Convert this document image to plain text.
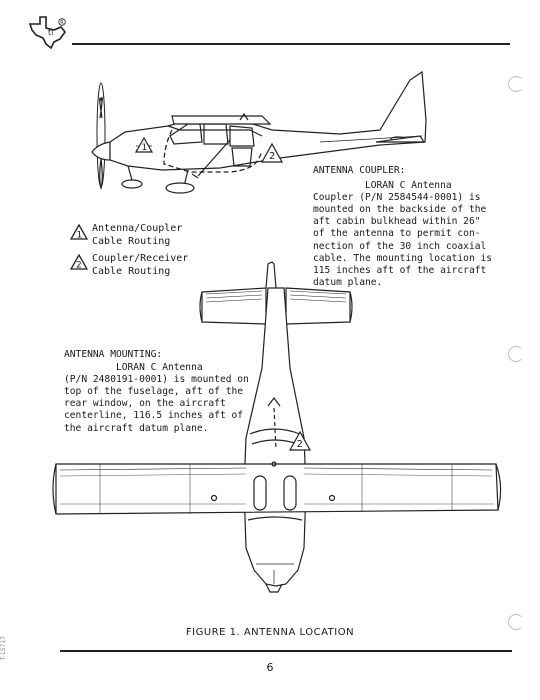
ti
R
1
2
1
Antenna/Coupler
Cable Routing
2
Coupler/Receiver
Cable Routing
ANTENNA COUPLER:
LORAN C Antenna
Coupler (P/N 2584544-0001) is
mounted on the backside of the
aft cabin bulkhead within 26"
of the antenna to permit con-
nection of the 30 inch coaxial
cable. The mounting location is
115 inches aft of the aircraft
datum plane.
2
ANTENNA MOUNTING:
LORAN C Antenna
(P/N 2480191-0001) is mounted on
top of the fuselage, aft of the
rear window, on the aircraft
centerline, 116.5 inches aft of
the aircraft datum plane.
FIGURE 1. ANTENNA LOCATION
6
T-15717
